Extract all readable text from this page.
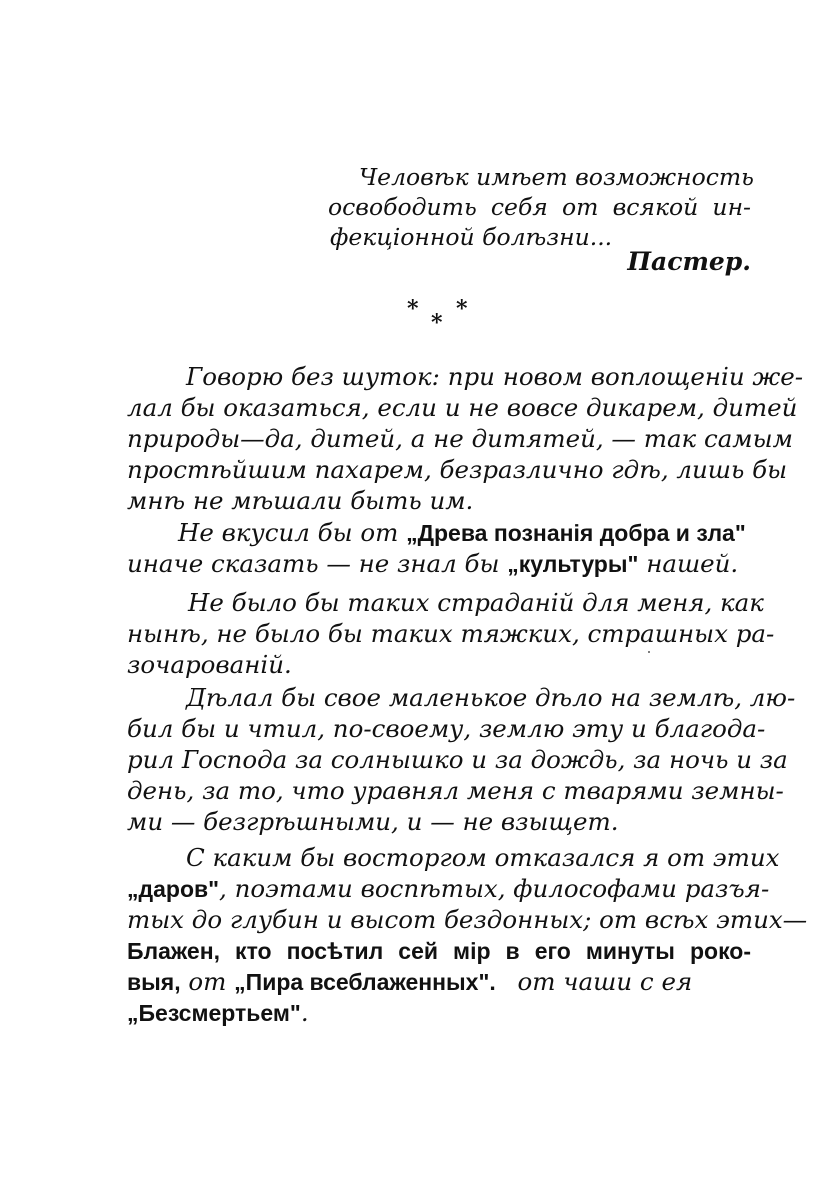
Человѣк имѣет возможность
освободить себя от всякой ин-
фекціонной болѣзни...
Пастер.
*
*
*
Говорю без шуток: при новом воплощеніи же-
лал бы оказаться, если и не вовсе дикарем, дитей
природы—да, дитей, а не дитятей, — так самым
простѣйшим пахарем, безразлично гдѣ, лишь бы
мнѣ не мѣшали быть им.
Не вкусил бы от „Древа познанія добра и зла"
иначе сказать — не знал бы „культуры" нашей.
Не было бы таких страданій для меня, как
нынѣ, не было бы таких тяжких, страшных ра-
зочарованій.
Дѣлал бы свое маленькое дѣло на землѣ, лю-
бил бы и чтил, по-своему, землю эту и благода-
рил Господа за солнышко и за дождь, за ночь и за
день, за то, что уравнял меня с тварями земны-
ми — безгрѣшными, и — не взыщет.
С каким бы восторгом отказался я от этих
„даров" , поэтами воспѣтых, философами разъя-
тых до глубин и высот бездонных; от всѣх этих—
Блажен, кто посѣтил сей мір в его минуты роко-
выя, от „Пира всеблаженных". от чаши с ея
„Безсмертьем".
